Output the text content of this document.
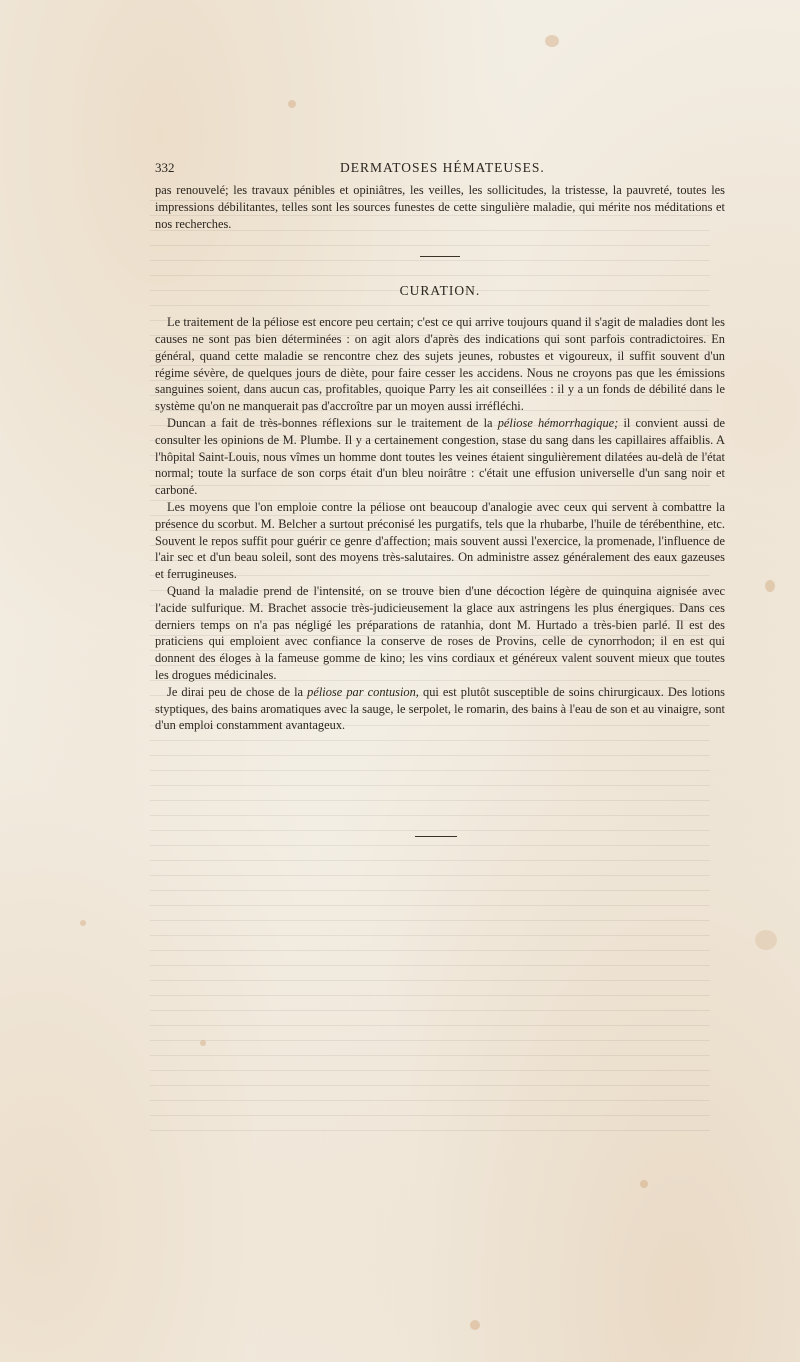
332	DERMATOSES HÉMATEUSES.

pas renouvelé; les travaux pénibles et opiniâtres, les veilles, les sollicitudes, la tristesse, la pauvreté, toutes les impressions débilitantes, telles sont les sources funestes de cette singulière maladie, qui mérite nos méditations et nos recherches.

CURATION.

Le traitement de la péliose est encore peu certain; c'est ce qui arrive toujours quand il s'agit de maladies dont les causes ne sont pas bien déterminées : on agit alors d'après des indications qui sont parfois contradictoires. En général, quand cette maladie se rencontre chez des sujets jeunes, robustes et vigoureux, il suffit souvent d'un régime sévère, de quelques jours de diète, pour faire cesser les accidens. Nous ne croyons pas que les émissions sanguines soient, dans aucun cas, profitables, quoique Parry les ait conseillées : il y a un fonds de débilité dans le système qu'on ne manquerait pas d'accroître par un moyen aussi irréfléchi.

Duncan a fait de très-bonnes réflexions sur le traitement de la péliose hémorrhagique; il convient aussi de consulter les opinions de M. Plumbe. Il y a certainement congestion, stase du sang dans les capillaires affaiblis. A l'hôpital Saint-Louis, nous vîmes un homme dont toutes les veines étaient singulièrement dilatées au-delà de l'état normal; toute la surface de son corps était d'un bleu noirâtre : c'était une effusion universelle d'un sang noir et carboné.

Les moyens que l'on emploie contre la péliose ont beaucoup d'analogie avec ceux qui servent à combattre la présence du scorbut. M. Belcher a surtout préconisé les purgatifs, tels que la rhubarbe, l'huile de térébenthine, etc. Souvent le repos suffit pour guérir ce genre d'affection; mais souvent aussi l'exercice, la promenade, l'influence de l'air sec et d'un beau soleil, sont des moyens très-salutaires. On administre assez généralement des eaux gazeuses et ferrugineuses.

Quand la maladie prend de l'intensité, on se trouve bien d'une décoction légère de quinquina aignisée avec l'acide sulfurique. M. Brachet associe très-judicieusement la glace aux astringens les plus énergiques. Dans ces derniers temps on n'a pas négligé les préparations de ratanhia, dont M. Hurtado a très-bien parlé. Il est des praticiens qui emploient avec confiance la conserve de roses de Provins, celle de cynorrhodon; il en est qui donnent des éloges à la fameuse gomme de kino; les vins cordiaux et généreux valent souvent mieux que toutes les drogues médicinales.

Je dirai peu de chose de la péliose par contusion, qui est plutôt susceptible de soins chirurgicaux. Des lotions styptiques, des bains aromatiques avec la sauge, le serpolet, le romarin, des bains à l'eau de son et au vinaigre, sont d'un emploi constamment avantageux.
